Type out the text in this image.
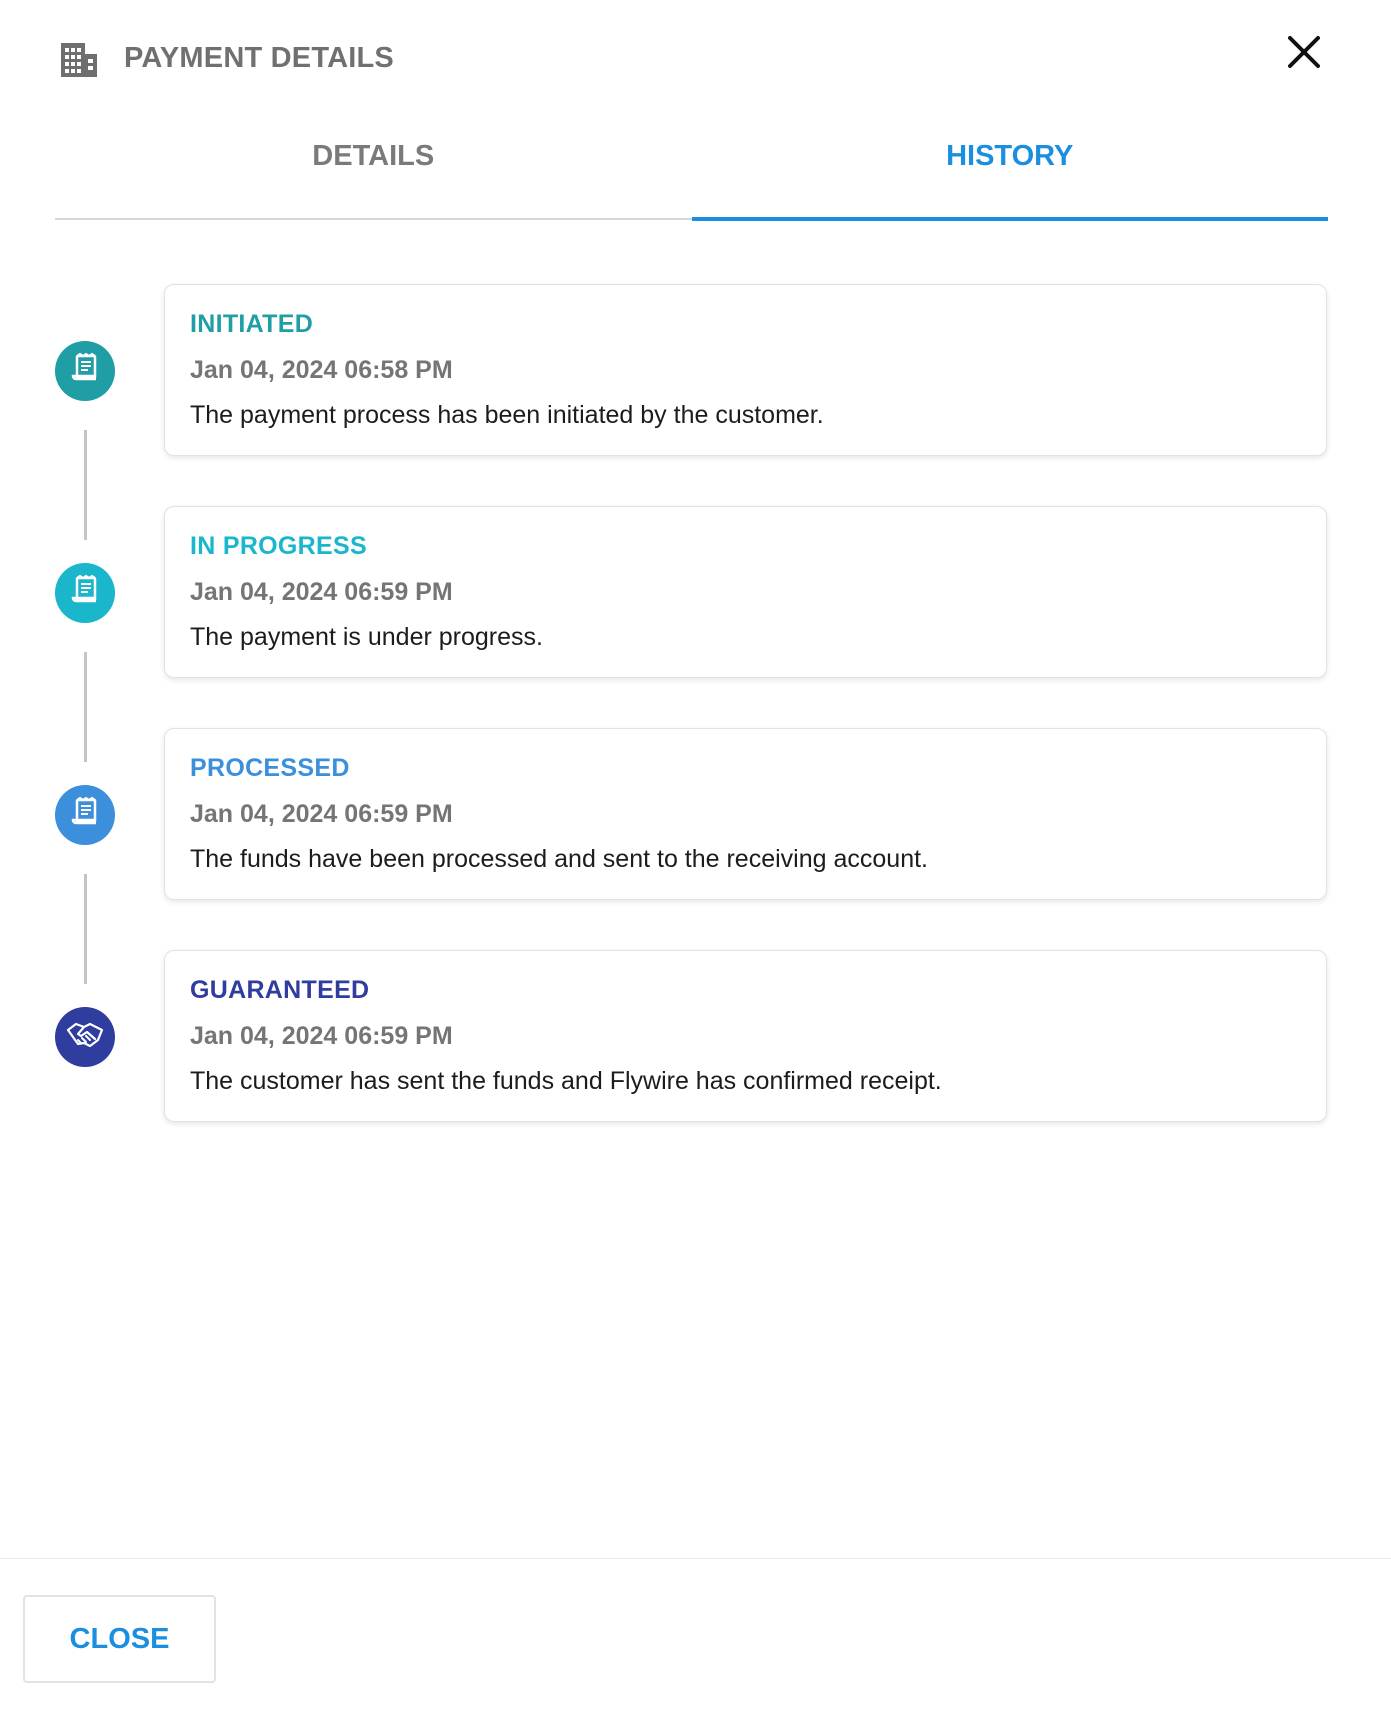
PAYMENT DETAILS
DETAILS	HISTORY
INITIATED
Jan 04, 2024 06:58 PM
The payment process has been initiated by the customer.
IN PROGRESS
Jan 04, 2024 06:59 PM
The payment is under progress.
PROCESSED
Jan 04, 2024 06:59 PM
The funds have been processed and sent to the receiving account.
GUARANTEED
Jan 04, 2024 06:59 PM
The customer has sent the funds and Flywire has confirmed receipt.
CLOSE
